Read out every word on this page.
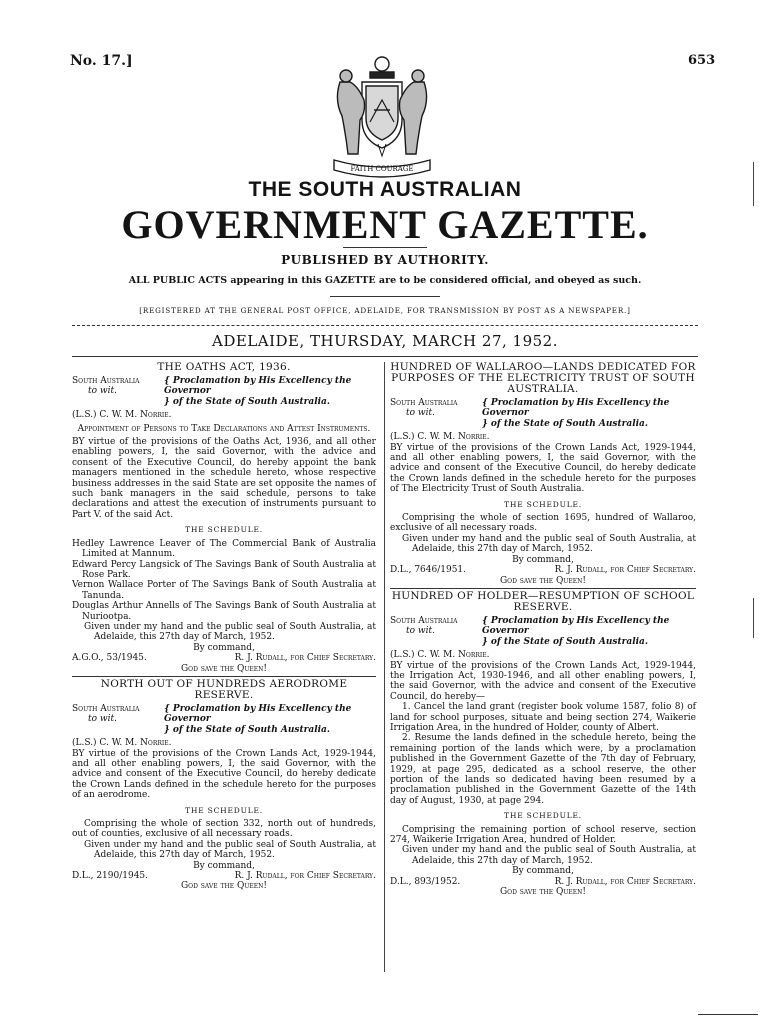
No. 17.]	653
FAITH COURAGE
THE SOUTH AUSTRALIAN
GOVERNMENT GAZETTE.
PUBLISHED BY AUTHORITY.
ALL PUBLIC ACTS appearing in this GAZETTE are to be considered official, and obeyed as such.
[REGISTERED AT THE GENERAL POST OFFICE, ADELAIDE, FOR TRANSMISSION BY POST AS A NEWSPAPER.]
ADELAIDE, THURSDAY, MARCH 27, 1952.

THE OATHS ACT, 1936.

South Australia
to wit.
{ Proclamation by His Excellency the Governor
} of the State of South Australia.

(L.S.) C. W. M. Norrie.

Appointment of Persons to Take Declarations and Attest Instruments.

BY virtue of the provisions of the Oaths Act, 1936, and all other enabling powers, I, the said Governor, with the advice and consent of the Executive Council, do hereby appoint the bank managers mentioned in the schedule hereto, whose respective business addresses in the said State are set opposite the names of such bank managers in the said schedule, persons to take declarations and attest the execution of instruments pursuant to Part V. of the said Act.

THE SCHEDULE.

Hedley Lawrence Leaver of The Commercial Bank of Australia Limited at Mannum.

Edward Percy Langsick of The Savings Bank of South Australia at Rose Park.

Vernon Wallace Porter of The Savings Bank of South Australia at Tanunda.

Douglas Arthur Annells of The Savings Bank of South Australia at Nuriootpa.

Given under my hand and the public seal of South Australia, at Adelaide, this 27th day of March, 1952.

By command,

A.G.O., 53/1945.	R. J. Rudall, for Chief Secretary.

God save the Queen!

NORTH OUT OF HUNDREDS AERODROME RESERVE.

South Australia
to wit.
{ Proclamation by His Excellency the Governor
} of the State of South Australia.

(L.S.) C. W. M. Norrie.

BY virtue of the provisions of the Crown Lands Act, 1929-1944, and all other enabling powers, I, the said Governor, with the advice and consent of the Executive Council, do hereby dedicate the Crown Lands defined in the schedule hereto for the purposes of an aerodrome.

THE SCHEDULE.

Comprising the whole of section 332, north out of hundreds, out of counties, exclusive of all necessary roads.

Given under my hand and the public seal of South Australia, at Adelaide, this 27th day of March, 1952.

By command,

D.L., 2190/1945.	R. J. Rudall, for Chief Secretary.

God save the Queen!

HUNDRED OF WALLAROO—LANDS DEDICATED FOR PURPOSES OF THE ELECTRICITY TRUST OF SOUTH AUSTRALIA.

South Australia
to wit.
{ Proclamation by His Excellency the Governor
} of the State of South Australia.

(L.S.) C. W. M. Norrie.

BY virtue of the provisions of the Crown Lands Act, 1929-1944, and all other enabling powers, I, the said Governor, with the advice and consent of the Executive Council, do hereby dedicate the Crown lands defined in the schedule hereto for the purposes of The Electricity Trust of South Australia.

THE SCHEDULE.

Comprising the whole of section 1695, hundred of Wallaroo, exclusive of all necessary roads.

Given under my hand and the public seal of South Australia, at Adelaide, this 27th day of March, 1952.

By command,

D.L., 7646/1951.	R. J. Rudall, for Chief Secretary.

God save the Queen!

HUNDRED OF HOLDER—RESUMPTION OF SCHOOL RESERVE.

South Australia
to wit.
{ Proclamation by His Excellency the Governor
} of the State of South Australia.

(L.S.) C. W. M. Norrie.

BY virtue of the provisions of the Crown Lands Act, 1929-1944, the Irrigation Act, 1930-1946, and all other enabling powers, I, the said Governor, with the advice and consent of the Executive Council, do hereby—

1. Cancel the land grant (register book volume 1587, folio 8) of land for school purposes, situate and being section 274, Waikerie Irrigation Area, in the hundred of Holder, county of Albert.

2. Resume the lands defined in the schedule hereto, being the remaining portion of the lands which were, by a proclamation published in the Government Gazette of the 7th day of February, 1929, at page 295, dedicated as a school reserve, the other portion of the lands so dedicated having been resumed by a proclamation published in the Government Gazette of the 14th day of August, 1930, at page 294.

THE SCHEDULE.

Comprising the remaining portion of school reserve, section 274, Waikerie Irrigation Area, hundred of Holder.

Given under my hand and the public seal of South Australia, at Adelaide, this 27th day of March, 1952.

By command,

D.L., 893/1952.	R. J. Rudall, for Chief Secretary.

God save the Queen!
